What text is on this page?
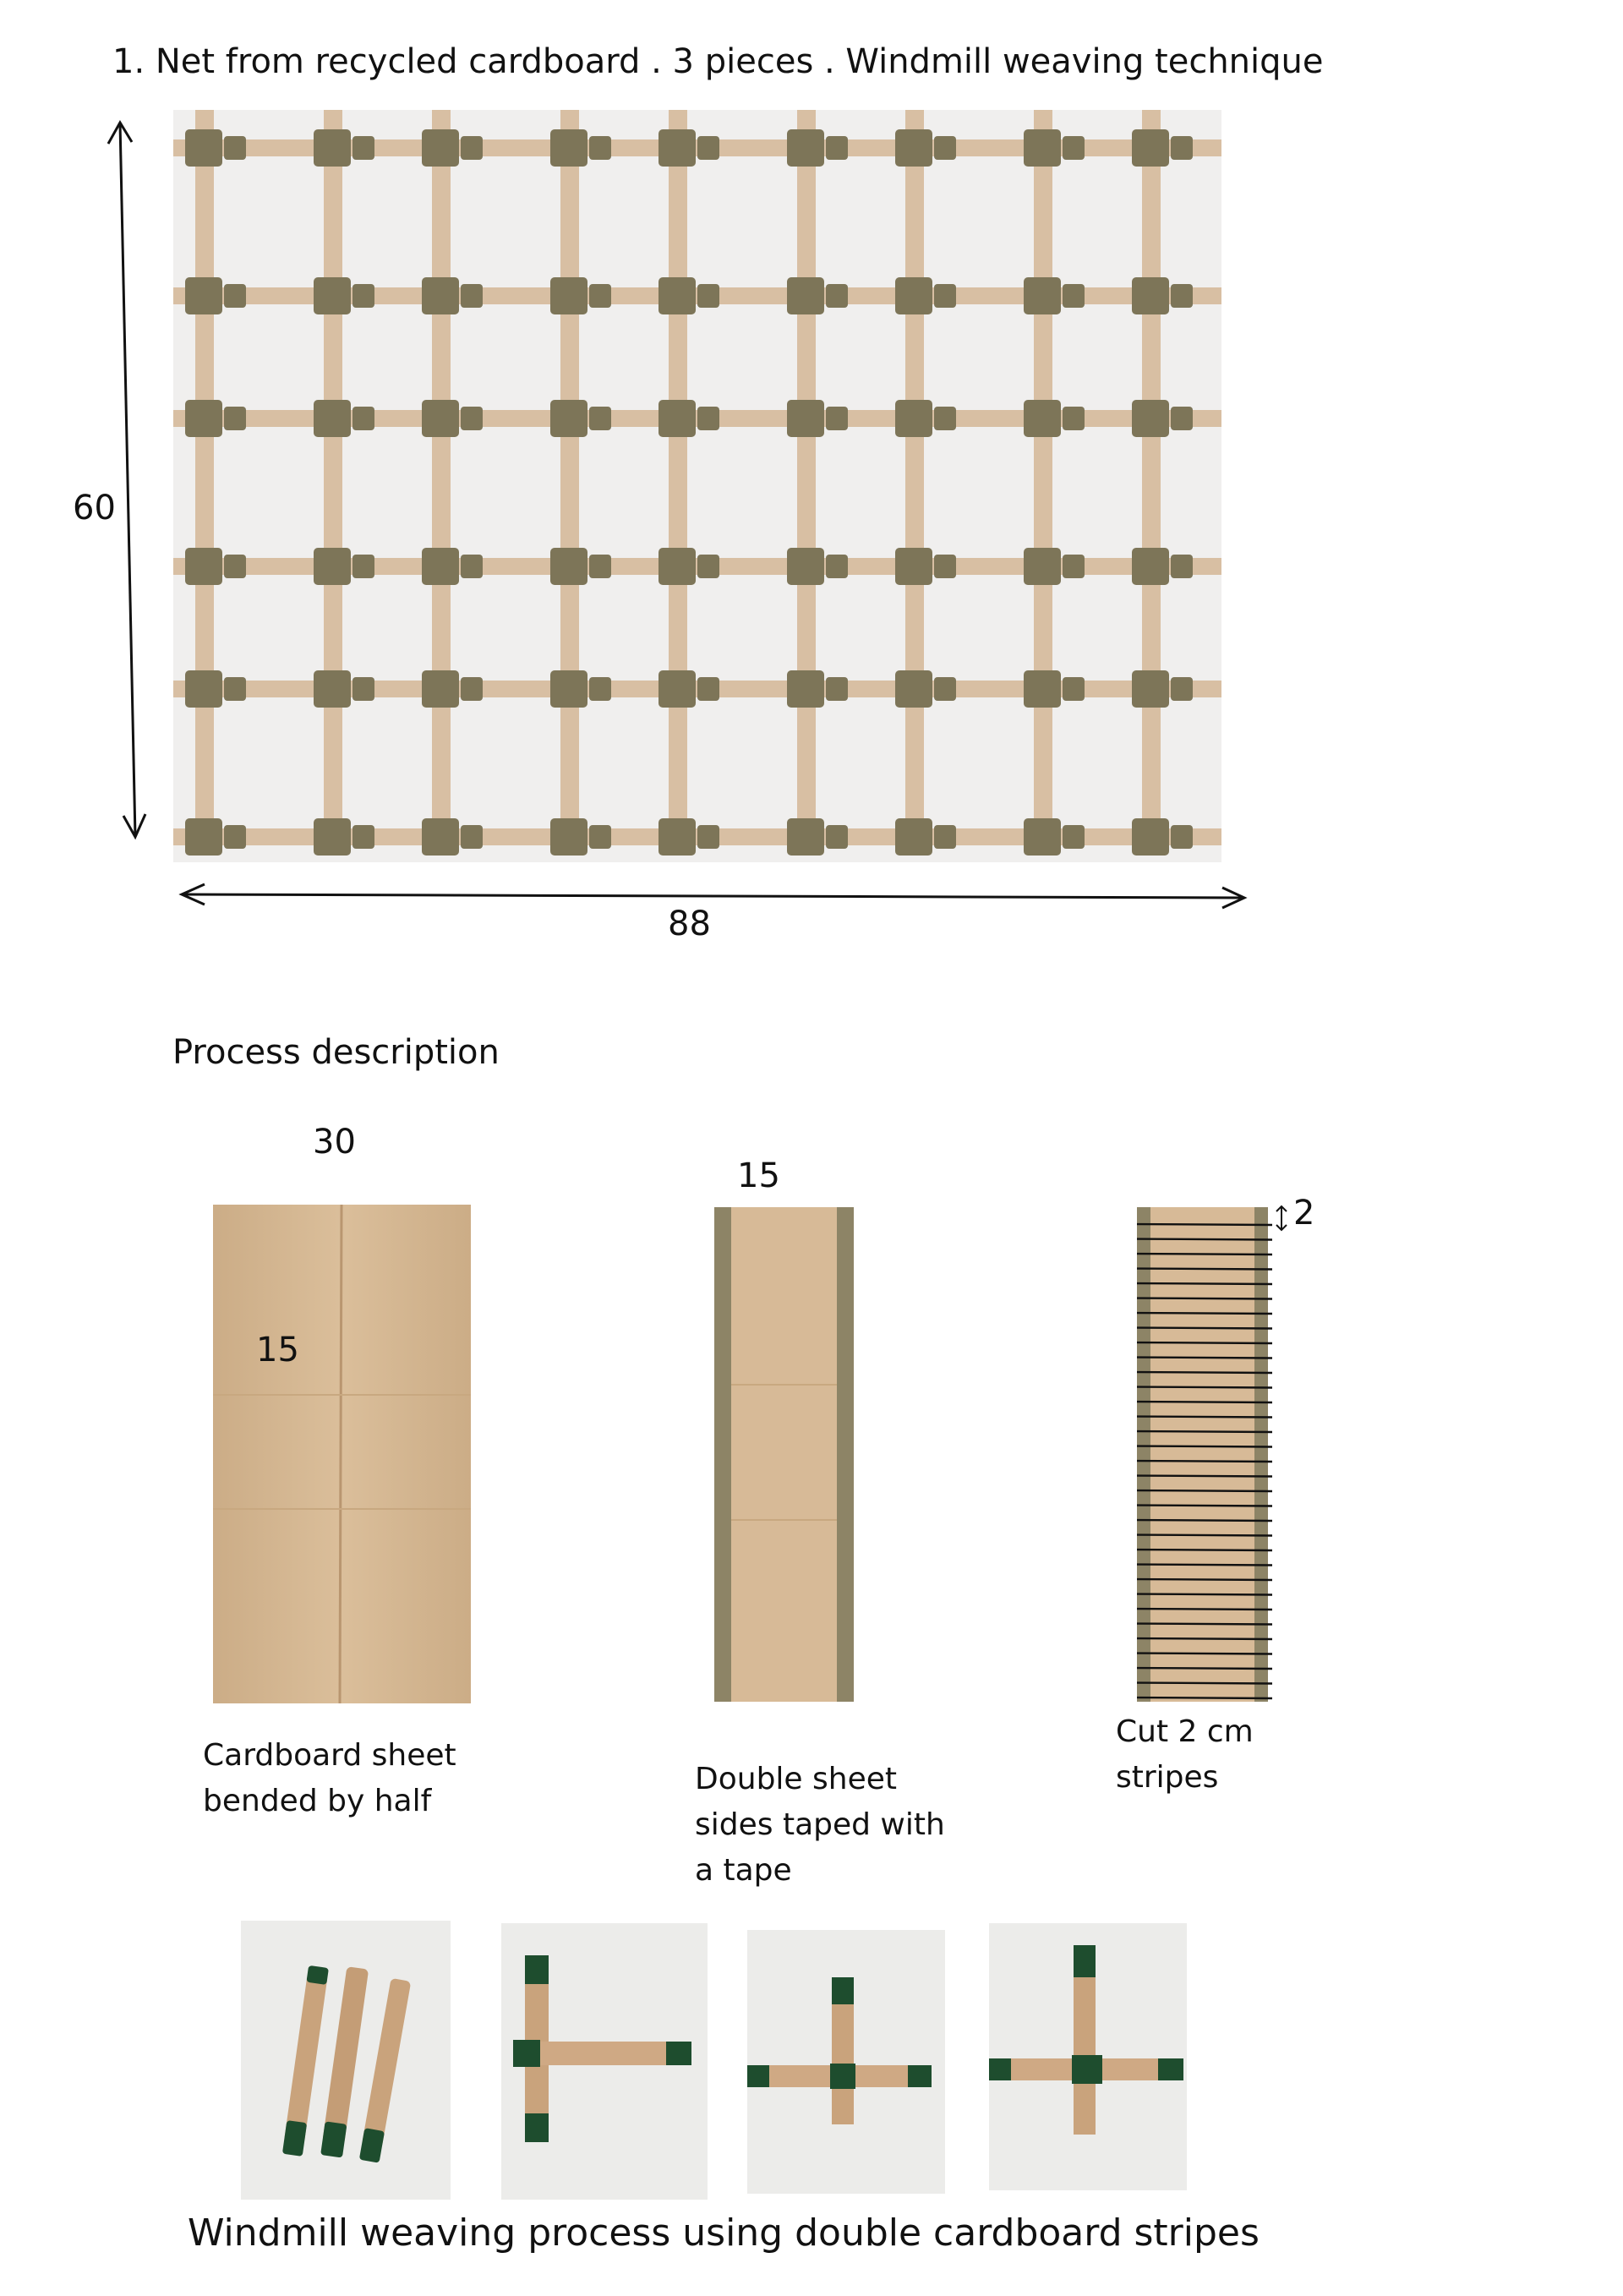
1. Net from recycled cardboard . 3 pieces . Windmill weaving technique
60
88
Process description
30
15
Cardboard sheet bended by half
15
Double sheet sides taped with a tape
2
Cut 2 cm stripes
Windmill weaving process using double cardboard stripes
